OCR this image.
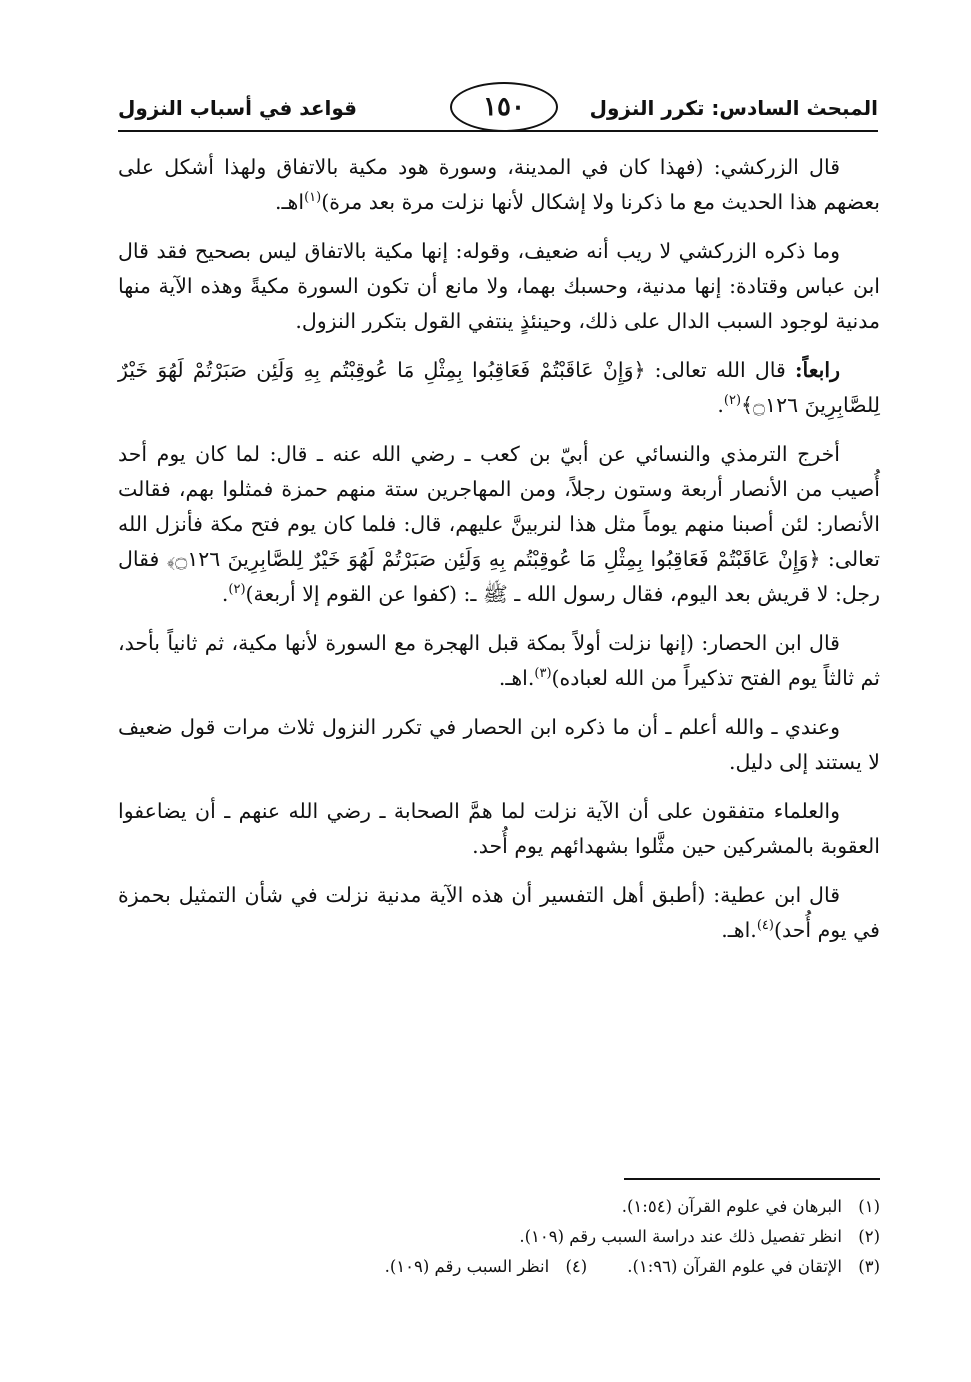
المبحث السادس: تكرر النزول
١٥٠
قواعد في أسباب النزول

قال الزركشي: (فهذا كان في المدينة، وسورة هود مكية بالاتفاق ولهذا أشكل على بعضهم هذا الحديث مع ما ذكرنا ولا إشكال لأنها نزلت مرة بعد مرة)$^{(١)}$اهـ.

وما ذكره الزركشي لا ريب أنه ضعيف، وقوله: إنها مكية بالاتفاق ليس بصحيح فقد قال ابن عباس وقتادة: إنها مدنية، وحسبك بهما، ولا مانع أن تكون السورة مكيةً وهذه الآية منها مدنية لوجود السبب الدال على ذلك، وحينئذٍ ينتفي القول بتكرر النزول.

رابعاً: قال الله تعالى: ﴿وَإِنْ عَاقَبْتُمْ فَعَاقِبُوا بِمِثْلِ مَا عُوقِبْتُم بِهِ وَلَئِن صَبَرْتُمْ لَهُوَ خَيْرٌ لِلصَّابِرِينَ ۝١٢٦﴾$^{(٢)}$.

أخرج الترمذي والنسائي عن أبيّ بن كعب ـ رضي الله عنه ـ قال: لما كان يوم أحد أُصيب من الأنصار أربعة وستون رجلاً، ومن المهاجرين ستة منهم حمزة فمثلوا بهم، فقالت الأنصار: لئن أصبنا منهم يوماً مثل هذا لنربينَّ عليهم، قال: فلما كان يوم فتح مكة فأنزل الله تعالى: ﴿وَإِنْ عَاقَبْتُمْ فَعَاقِبُوا بِمِثْلِ مَا عُوقِبْتُم بِهِ وَلَئِن صَبَرْتُمْ لَهُوَ خَيْرٌ لِلصَّابِرِينَ ۝١٢٦﴾ فقال رجل: لا قريش بعد اليوم، فقال رسول الله ـ ﷺ ـ: (كفوا عن القوم إلا أربعة)$^{(٢)}$.

قال ابن الحصار: (إنها نزلت أولاً بمكة قبل الهجرة مع السورة لأنها مكية، ثم ثانياً بأحد، ثم ثالثاً يوم الفتح تذكيراً من الله لعباده)$^{(٣)}$.اهـ.

وعندي ـ والله أعلم ـ أن ما ذكره ابن الحصار في تكرر النزول ثلاث مرات قول ضعيف لا يستند إلى دليل.

والعلماء متفقون على أن الآية نزلت لما همَّ الصحابة ـ رضي الله عنهم ـ أن يضاعفوا العقوبة بالمشركين حين مثَّلوا بشهدائهم يوم أُحد.

قال ابن عطية: (أطبق أهل التفسير أن هذه الآية مدنية نزلت في شأن التمثيل بحمزة في يوم أُحد)$^{(٤)}$.اهـ.

(١)البرهان في علوم القرآن (١:٥٤).
(٢)انظر تفصيل ذلك عند دراسة السبب رقم (١٠٩).
(٣)الإتقان في علوم القرآن (١:٩٦).(٤)انظر السبب رقم (١٠٩).
